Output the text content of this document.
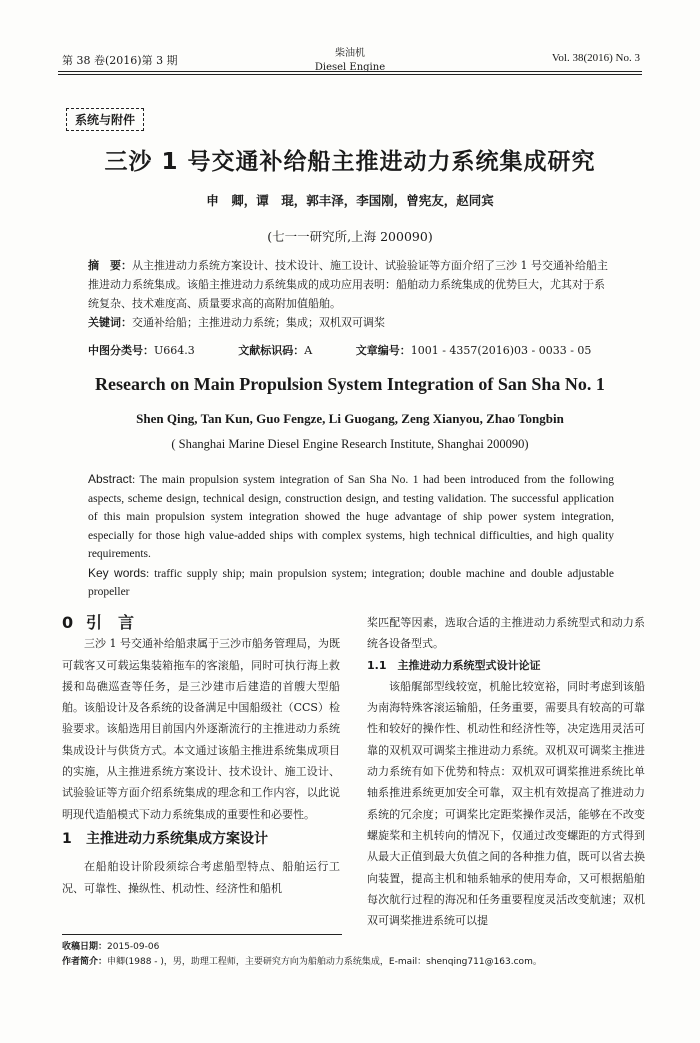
第 38 卷(2016)第 3 期
柴油机
Diesel Engine
Vol. 38(2016) No. 3
系统与附件
三沙 1 号交通补给船主推进动力系统集成研究
申　卿，谭　琨，郭丰泽，李国刚，曾宪友，赵同宾
(七一一研究所,上海 200090)
摘　要：从主推进动力系统方案设计、技术设计、施工设计、试验验证等方面介绍了三沙 1 号交通补给船主推进动力系统集成。该船主推进动力系统集成的成功应用表明：船舶动力系统集成的优势巨大，尤其对于系统复杂、技术难度高、质量要求高的高附加值船舶。
关键词：交通补给船；主推进动力系统；集成；双机双可调桨
中图分类号：U664.3	文献标识码：A	文章编号：1001 - 4357(2016)03 - 0033 - 05
Research on Main Propulsion System Integration of San Sha No. 1
Shen Qing, Tan Kun, Guo Fengze, Li Guogang, Zeng Xianyou, Zhao Tongbin
( Shanghai Marine Diesel Engine Research Institute, Shanghai 200090)
Abstract: The main propulsion system integration of San Sha No. 1 had been introduced from the following aspects, scheme design, technical design, construction design, and testing validation. The successful application of this main propulsion system integration showed the huge advantage of ship power system integration, especially for those high value-added ships with complex systems, high technical difficulties, and high quality requirements.
Key words: traffic supply ship; main propulsion system; integration; double machine and double adjustable propeller
0 引　言

三沙 1 号交通补给船隶属于三沙市船务管理局，为既可载客又可载运集装箱拖车的客滚船，同时可执行海上救援和岛礁巡查等任务，是三沙建市后建造的首艘大型船舶。该船设计及各系统的设备满足中国船级社（CCS）检验要求。该船选用目前国内外逐渐流行的主推进动力系统集成设计与供货方式。本文通过该船主推进系统集成项目的实施，从主推进系统方案设计、技术设计、施工设计、试验验证等方面介绍系统集成的理念和工作内容，以此说明现代造船模式下动力系统集成的重要性和必要性。

1 主推进动力系统集成方案设计

在船舶设计阶段须综合考虑船型特点、船舶运行工况、可靠性、操纵性、机动性、经济性和船机

桨匹配等因素，选取合适的主推进动力系统型式和动力系统各设备型式。

1.1　主推进动力系统型式设计论证

该船艉部型线较宽，机舱比较宽裕，同时考虑到该船为南海特殊客滚运输船，任务重要，需要具有较高的可靠性和较好的操作性、机动性和经济性等，决定选用灵活可靠的双机双可调桨主推进动力系统。双机双可调桨主推进动力系统有如下优势和特点：双机双可调桨推进系统比单轴系推进系统更加安全可靠，双主机有效提高了推进动力系统的冗余度；可调桨比定距桨操作灵活，能够在不改变螺旋桨和主机转向的情况下，仅通过改变螺距的方式得到从最大正值到最大负值之间的各种推力值，既可以省去换向装置，提高主机和轴系轴承的使用寿命，又可根据船舶每次航行过程的海况和任务重要程度灵活改变航速；双机双可调桨推进系统可以提

收稿日期：2015-09-06
作者简介：申卿(1988 - )，男，助理工程师，主要研究方向为船舶动力系统集成，E-mail：shenqing711@163.com。
